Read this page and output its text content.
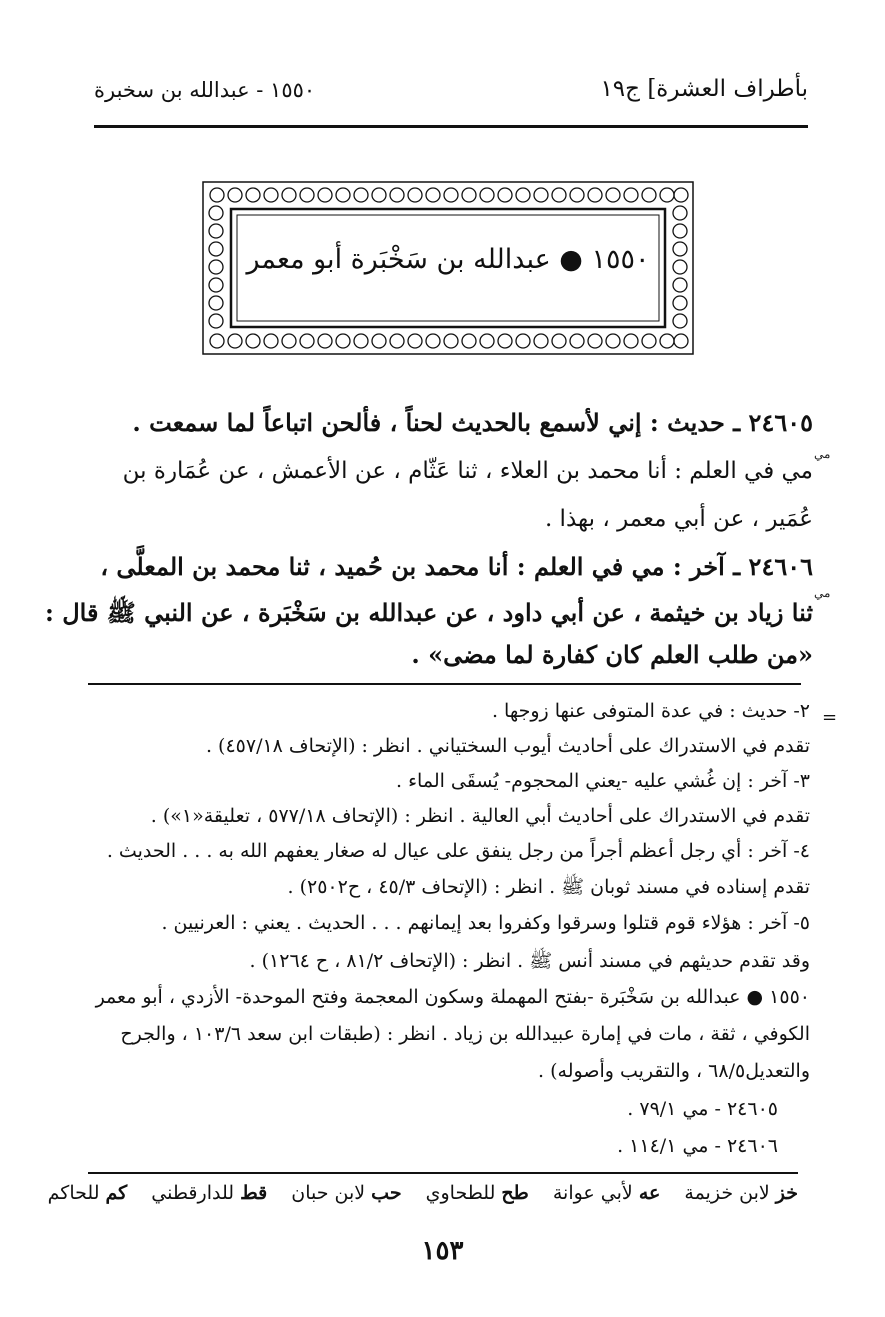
بأطراف العشرة] ج١٩
١٥٥٠ - عبدالله بن سخبرة
١٥٥٠ ● عبدالله بن سَخْبَرة أبو معمر
٢٤٦٠٥ ـ حديث : إني لأسمع بالحديث لحناً ، فألحن اتباعاً لما سمعت .
مي في العلم : أنا محمد بن العلاء ، ثنا عَثّام ، عن الأعمش ، عن عُمَارة بن
عُمَير ، عن أبي معمر ، بهذا .
٢٤٦٠٦ ـ آخر : مي في العلم : أنا محمد بن حُميد ، ثنا محمد بن المعلَّى ،
ثنا زياد بن خيثمة ، عن أبي داود ، عن عبدالله بن سَخْبَرة ، عن النبي ﷺ قال :
«من طلب العلم كان كفارة لما مضى» .
مي
مي
=
٢- حديث : في عدة المتوفى عنها زوجها .
تقدم في الاستدراك على أحاديث أيوب السختياني . انظر : (الإتحاف ٤٥٧/١٨) .
٣- آخر : إن غُشي عليه -يعني المحجوم- يُسقَى الماء .
تقدم في الاستدراك على أحاديث أبي العالية . انظر : (الإتحاف ٥٧٧/١٨ ، تعليقة«١») .
٤- آخر : أي رجل أعظم أجراً من رجل ينفق على عيال له صغار يعفهم الله به . . . الحديث .
تقدم إسناده في مسند ثوبان ﷺ . انظر : (الإتحاف ٤٥/٣ ، ح٢٥٠٢) .
٥- آخر : هؤلاء قوم قتلوا وسرقوا وكفروا بعد إيمانهم . . . الحديث . يعني : العرنيين .
وقد تقدم حديثهم في مسند أنس ﷺ . انظر : (الإتحاف ٨١/٢ ، ح ١٢٦٤) .
١٥٥٠ ● عبدالله بن سَخْبَرة -بفتح المهملة وسكون المعجمة وفتح الموحدة- الأزدي ، أبو معمر
الكوفي ، ثقة ، مات في إمارة عبيدالله بن زياد . انظر : (طبقات ابن سعد ١٠٣/٦ ، والجرح
والتعديل٦٨/٥ ، والتقريب وأصوله) .
٢٤٦٠٥ - مي ٧٩/١ .
٢٤٦٠٦ - مي ١١٤/١ .
خز لابن خزيمة عه لأبي عوانة طح للطحاوي حب لابن حبان قط للدارقطني كم للحاكم
١٥٣
